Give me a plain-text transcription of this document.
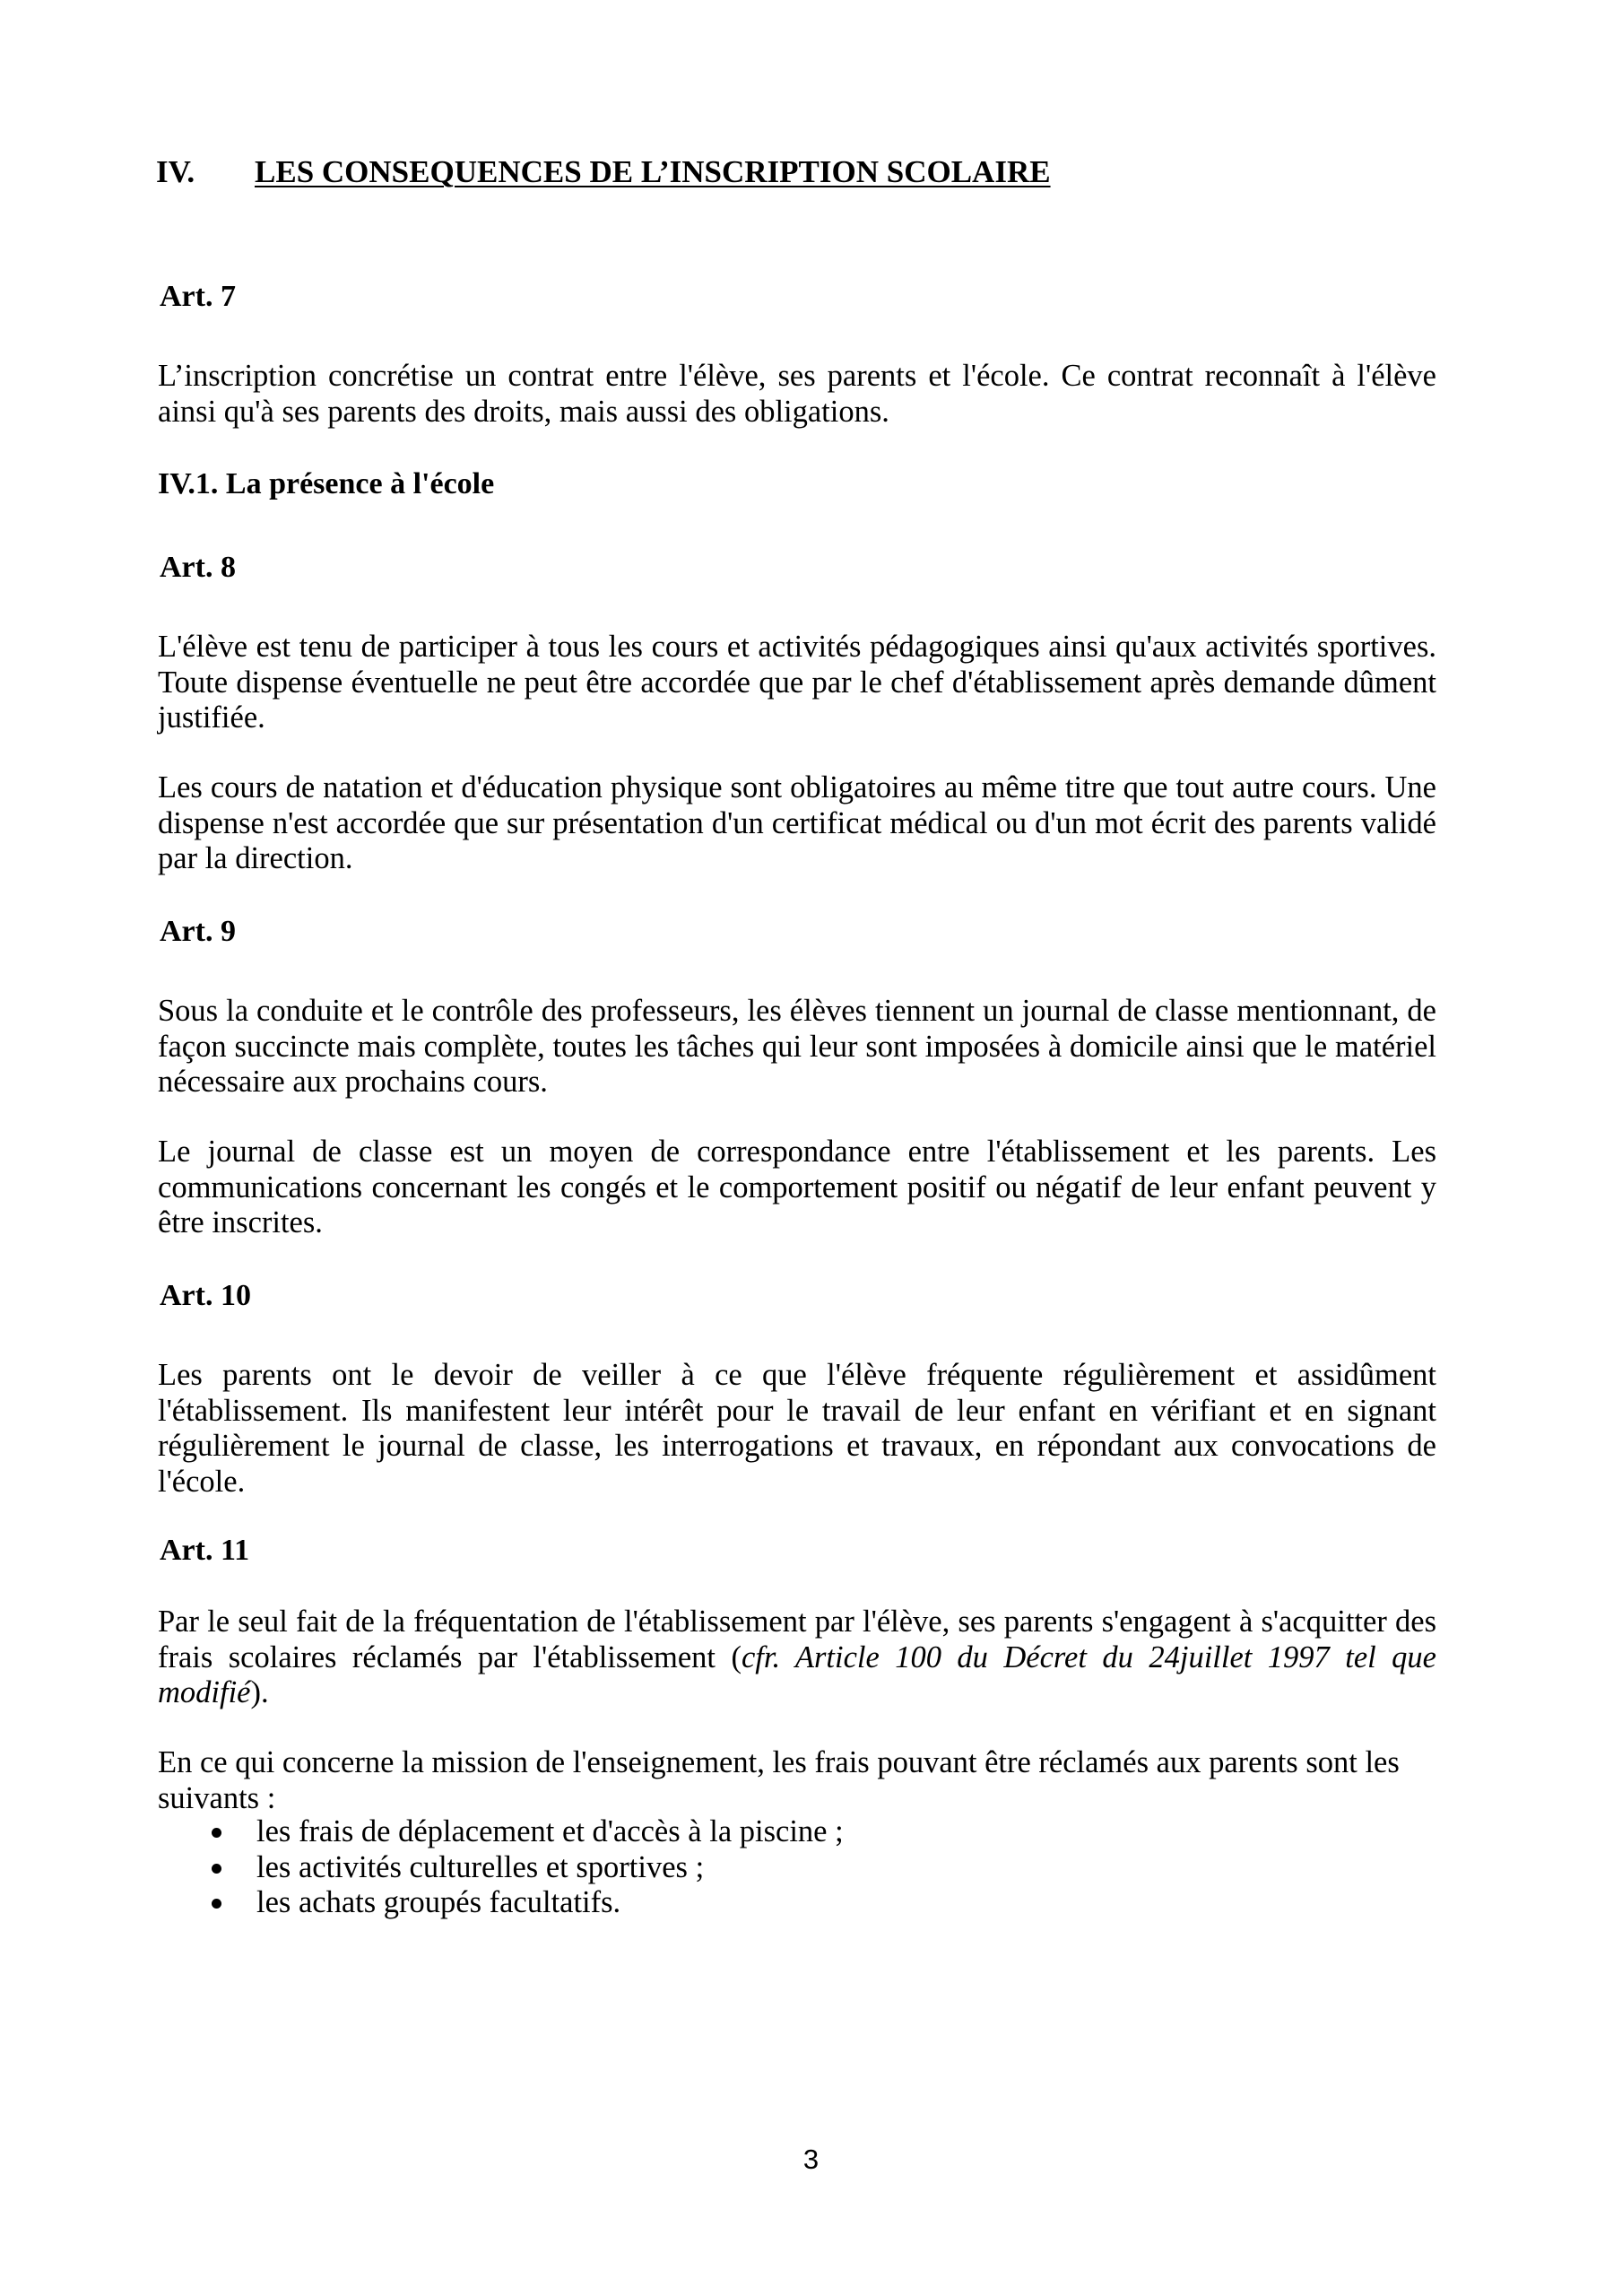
IV. LES CONSEQUENCES DE L’INSCRIPTION SCOLAIRE
Art. 7
L’inscription concrétise un contrat entre l'élève, ses parents et l'école. Ce contrat reconnaît à l'élève ainsi qu'à ses parents des droits, mais aussi des obligations.
IV.1. La présence à l'école
Art. 8
L'élève est tenu de participer à tous les cours et activités pédagogiques ainsi qu'aux activités sportives. Toute dispense éventuelle ne peut être accordée que par le chef d'établissement après demande dûment justifiée.
Les cours de natation et d'éducation physique sont obligatoires au même titre que tout autre cours. Une dispense n'est accordée que sur présentation d'un certificat médical ou d'un mot écrit des parents validé par la direction.
Art. 9
Sous la conduite et le contrôle des professeurs, les élèves tiennent un journal de classe mentionnant, de façon succincte mais complète, toutes les tâches qui leur sont imposées à domicile ainsi que le matériel nécessaire aux prochains cours.
Le journal de classe est un moyen de correspondance entre l'établissement et les parents. Les communications concernant les congés et le comportement positif ou négatif de leur enfant peuvent y être inscrites.
Art. 10
Les parents ont le devoir de veiller à ce que l'élève fréquente régulièrement et assidûment l'établissement. Ils manifestent leur intérêt pour le travail de leur enfant en vérifiant et en signant régulièrement le journal de classe, les interrogations et travaux, en répondant aux convocations de l'école.
Art. 11
Par le seul fait de la fréquentation de l'établissement par l'élève, ses parents s'engagent à s'acquitter des frais scolaires réclamés par l'établissement (cfr. Article 100 du Décret du 24juillet 1997 tel que modifié).
En ce qui concerne la mission de l'enseignement, les frais pouvant être réclamés aux parents sont les suivants :
les frais de déplacement et d'accès à la piscine ;
les activités culturelles et sportives ;
les achats groupés facultatifs.
3
